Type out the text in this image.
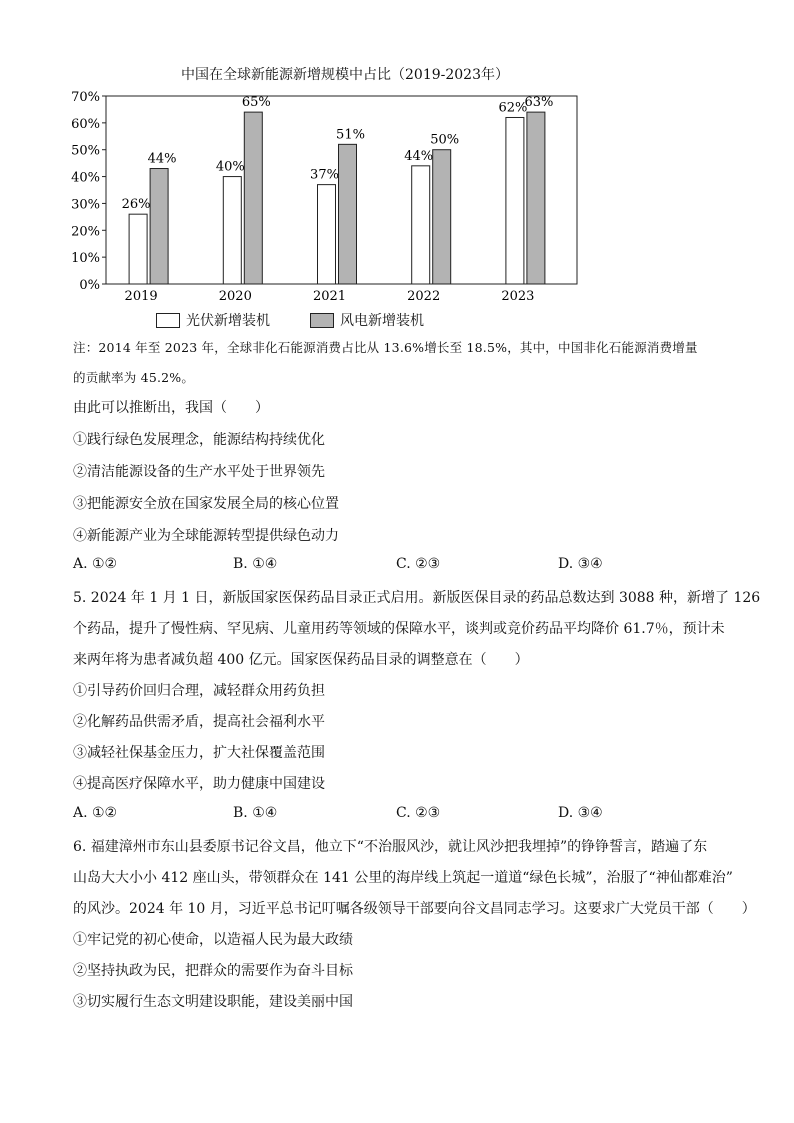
中国在全球新能源新增规模中占比（2019-2023年）
0%
10%
20%
30%
40%
50%
60%
70%
26%
44%
40%
65%
37%
51%
44%
50%
62%
63%
2019	2020	2021	2022	2023
光伏新增装机	风电新增装机
注：2014 年至 2023 年，全球非化石能源消费占比从 13.6%增长至 18.5%，其中，中国非化石能源消费增量
的贡献率为 45.2%。
由此可以推断出，我国（　　）
①践行绿色发展理念，能源结构持续优化
②清洁能源设备的生产水平处于世界领先
③把能源安全放在国家发展全局的核心位置
④新能源产业为全球能源转型提供绿色动力
A. ①②	B. ①④	C. ②③	D. ③④
5. 2024 年 1 月 1 日，新版国家医保药品目录正式启用。新版医保目录的药品总数达到 3088 种，新增了 126
个药品，提升了慢性病、罕见病、儿童用药等领域的保障水平，谈判或竞价药品平均降价 61.7％，预计未
来两年将为患者减负超 400 亿元。国家医保药品目录的调整意在（　　）
①引导药价回归合理，减轻群众用药负担
②化解药品供需矛盾，提高社会福利水平
③减轻社保基金压力，扩大社保覆盖范围
④提高医疗保障水平，助力健康中国建设
A. ①②	B. ①④	C. ②③	D. ③④
6. 福建漳州市东山县委原书记谷文昌，他立下“不治服风沙，就让风沙把我埋掉”的铮铮誓言，踏遍了东
山岛大大小小 412 座山头，带领群众在 141 公里的海岸线上筑起一道道“绿色长城”，治服了“神仙都难治”
的风沙。2024 年 10 月，习近平总书记叮嘱各级领导干部要向谷文昌同志学习。这要求广大党员干部（　　）
①牢记党的初心使命，以造福人民为最大政绩
②坚持执政为民，把群众的需要作为奋斗目标
③切实履行生态文明建设职能，建设美丽中国
